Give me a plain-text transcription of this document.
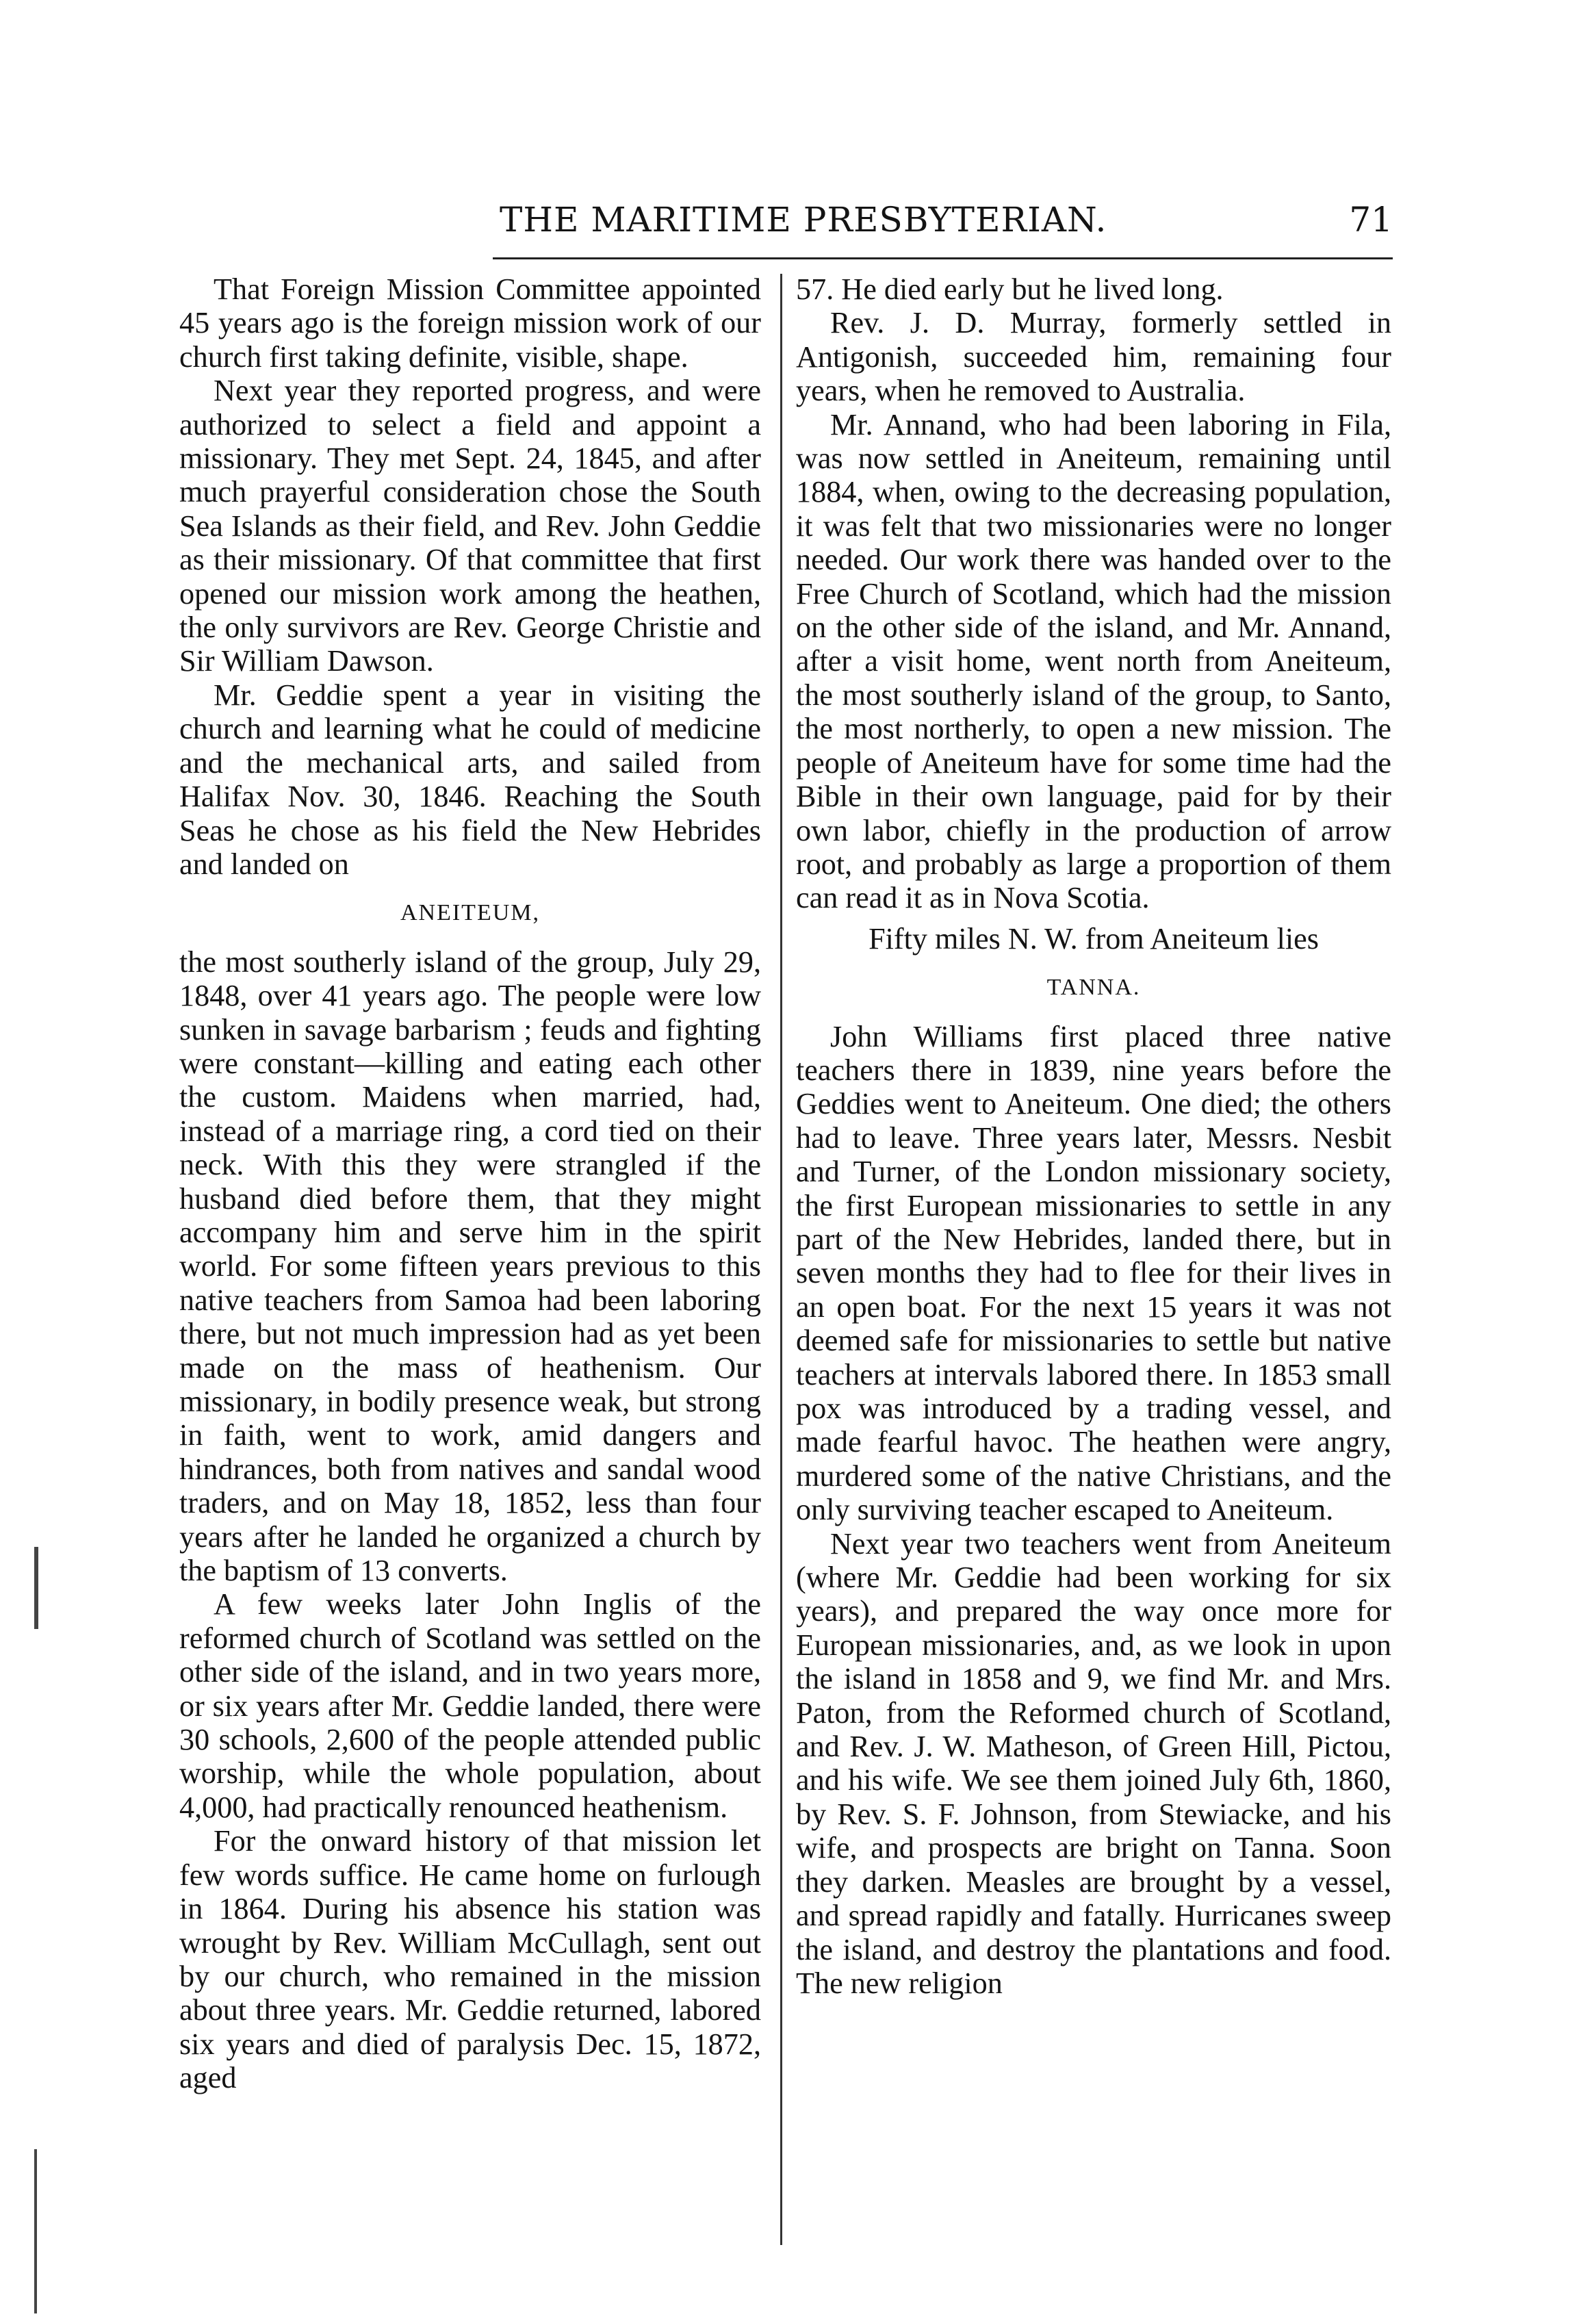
THE MARITIME PRESBYTERIAN.	71

That Foreign Mission Committee appointed 45 years ago is the foreign mission work of our church first taking definite, visible, shape.

Next year they reported progress, and were authorized to select a field and appoint a missionary. They met Sept. 24, 1845, and after much prayerful consideration chose the South Sea Islands as their field, and Rev. John Geddie as their missionary. Of that committee that first opened our mission work among the heathen, the only survivors are Rev. George Christie and Sir William Dawson.

Mr. Geddie spent a year in visiting the church and learning what he could of medicine and the mechanical arts, and sailed from Halifax Nov. 30, 1846. Reaching the South Seas he chose as his field the New Hebrides and landed on

ANEITEUM,

the most southerly island of the group, July 29, 1848, over 41 years ago. The people were low sunken in savage barbarism ; feuds and fighting were constant—killing and eating each other the custom. Maidens when married, had, instead of a marriage ring, a cord tied on their neck. With this they were strangled if the husband died before them, that they might accompany him and serve him in the spirit world. For some fifteen years previous to this native teachers from Samoa had been laboring there, but not much impression had as yet been made on the mass of heathenism. Our missionary, in bodily presence weak, but strong in faith, went to work, amid dangers and hindrances, both from natives and sandal wood traders, and on May 18, 1852, less than four years after he landed he organized a church by the baptism of 13 converts.

A few weeks later John Inglis of the reformed church of Scotland was settled on the other side of the island, and in two years more, or six years after Mr. Geddie landed, there were 30 schools, 2,600 of the people attended public worship, while the whole population, about 4,000, had practically renounced heathenism.

For the onward history of that mission let few words suffice. He came home on furlough in 1864. During his absence his station was wrought by Rev. William McCullagh, sent out by our church, who remained in the mission about three years. Mr. Geddie returned, labored six years and died of paralysis Dec. 15, 1872, aged

57. He died early but he lived long.

Rev. J. D. Murray, formerly settled in Antigonish, succeeded him, remaining four years, when he removed to Australia.

Mr. Annand, who had been laboring in Fila, was now settled in Aneiteum, remaining until 1884, when, owing to the decreasing population, it was felt that two missionaries were no longer needed. Our work there was handed over to the Free Church of Scotland, which had the mission on the other side of the island, and Mr. Annand, after a visit home, went north from Aneiteum, the most southerly island of the group, to Santo, the most northerly, to open a new mission. The people of Aneiteum have for some time had the Bible in their own language, paid for by their own labor, chiefly in the production of arrow root, and probably as large a proportion of them can read it as in Nova Scotia.

Fifty miles N. W. from Aneiteum lies

TANNA.

John Williams first placed three native teachers there in 1839, nine years before the Geddies went to Aneiteum. One died; the others had to leave. Three years later, Messrs. Nesbit and Turner, of the London missionary society, the first European missionaries to settle in any part of the New Hebrides, landed there, but in seven months they had to flee for their lives in an open boat. For the next 15 years it was not deemed safe for missionaries to settle but native teachers at intervals labored there. In 1853 small pox was introduced by a trading vessel, and made fearful havoc. The heathen were angry, murdered some of the native Christians, and the only surviving teacher escaped to Aneiteum.

Next year two teachers went from Aneiteum (where Mr. Geddie had been working for six years), and prepared the way once more for European missionaries, and, as we look in upon the island in 1858 and 9, we find Mr. and Mrs. Paton, from the Reformed church of Scotland, and Rev. J. W. Matheson, of Green Hill, Pictou, and his wife. We see them joined July 6th, 1860, by Rev. S. F. Johnson, from Stewiacke, and his wife, and prospects are bright on Tanna. Soon they darken. Measles are brought by a vessel, and spread rapidly and fatally. Hurricanes sweep the island, and destroy the plantations and food. The new religion
